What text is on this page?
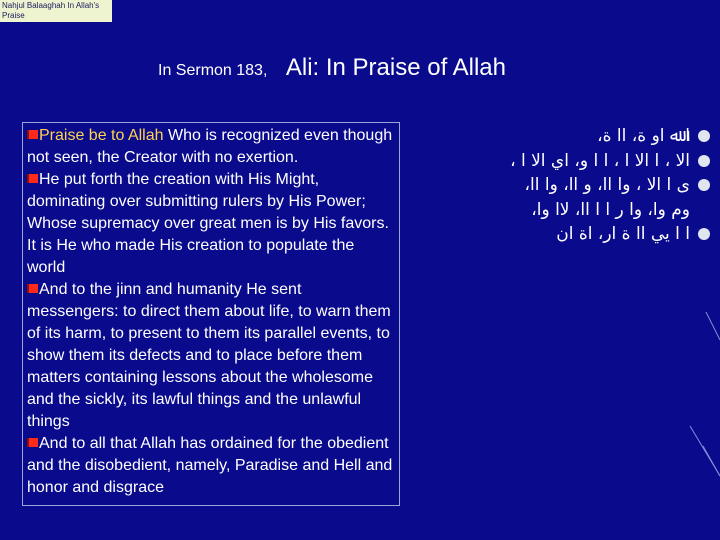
Nahjul Balaaghah In Allah's Praise
In Sermon 183, Ali: In Praise of Allah

Praise be to Allah Who is recognized even though not seen, the Creator with no exertion.

He put forth the creation with His Might, dominating over submitting rulers by His Power; Whose supremacy over great men is by His favors. It is He who made His creation to populate the world

And to the jinn and humanity He sent messengers: to direct them about life, to warn them of its harm, to present to them its parallel events, to show them its defects and to place before them matters containing lessons about the wholesome and the sickly, its lawful things and the unlawful things

And to all that Allah has ordained for the obedient and the disobedient, namely, Paradise and Hell and honor and disgrace

ا ﷲ او ة، اا ة،
الا ، ا الا ا ، ا ا و، اي الا ا ،
ی ا الا ، وا اا، و اا، وا اا،
وم وا، وا ر ا ا اا، لاا وا،
ا ا يي اا ة ار، اة ان
